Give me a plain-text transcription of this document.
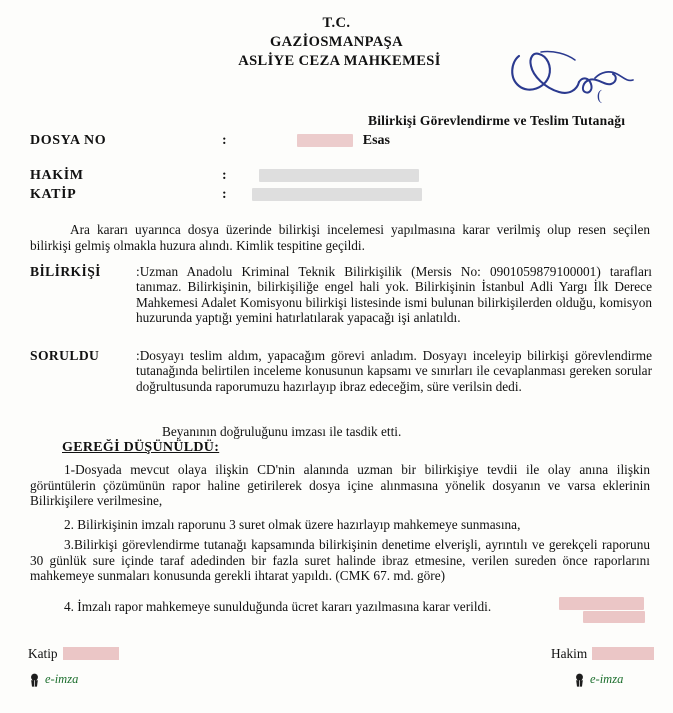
T.C.
GAZİOSMANPAŞA
ASLİYE CEZA MAHKEMESİ
(
Bilirkişi Görevlendirme ve Teslim Tutanağı
DOSYA NO	:	Esas
HAKİM	:
KATİP	:
Ara kararı uyarınca dosya üzerinde bilirkişi incelemesi yapılmasına karar verilmiş olup resen seçilen bilirkişi gelmiş olmakla huzura alındı. Kimlik tespitine geçildi.
BİLİRKİŞİ	:Uzman Anadolu Kriminal Teknik Bilirkişilik (Mersis No: 0901059879100001) tarafları tanımaz. Bilirkişinin, bilirkişiliğe engel hali yok. Bilirkişinin İstanbul Adli Yargı İlk Derece Mahkemesi Adalet Komisyonu bilirkişi listesinde ismi bulunan bilirkişilerden olduğu, komisyon huzurunda yaptığı yemini hatırlatılarak yapacağı işi anlatıldı.
SORULDU	:Dosyayı teslim aldım, yapacağım görevi anladım. Dosyayı inceleyip bilirkişi görevlendirme tutanağında belirtilen inceleme konusunun kapsamı ve sınırları ile cevaplanması gereken sorular doğrultusunda raporumuzu hazırlayıp ibraz edeceğim, süre verilsin dedi.
Beyanının doğruluğunu imzası ile tasdik etti.
GEREĞİ DÜŞÜNÜLDÜ:
1-Dosyada mevcut olaya ilişkin CD'nin alanında uzman bir bilirkişiye tevdii ile olay anına ilişkin görüntülerin çözümünün rapor haline getirilerek dosya içine alınmasına yönelik dosyanın ve varsa eklerinin Bilirkişilere verilmesine,
2. Bilirkişinin imzalı raporunu 3 suret olmak üzere hazırlayıp mahkemeye sunmasına,
3.Bilirkişi görevlendirme tutanağı kapsamında bilirkişinin denetime elverişli, ayrıntılı ve gerekçeli raporunu 30 günlük sure içinde taraf adedinden bir fazla suret halinde ibraz etmesine, verilen sureden önce raporlarını mahkemeye sunmaları konusunda gerekli ihtarat yapıldı. (CMK 67. md. göre)
4. İmzalı rapor mahkemeye sunulduğunda ücret kararı yazılmasına karar verildi.
Katip
e-imza
Hakim
e-imza
